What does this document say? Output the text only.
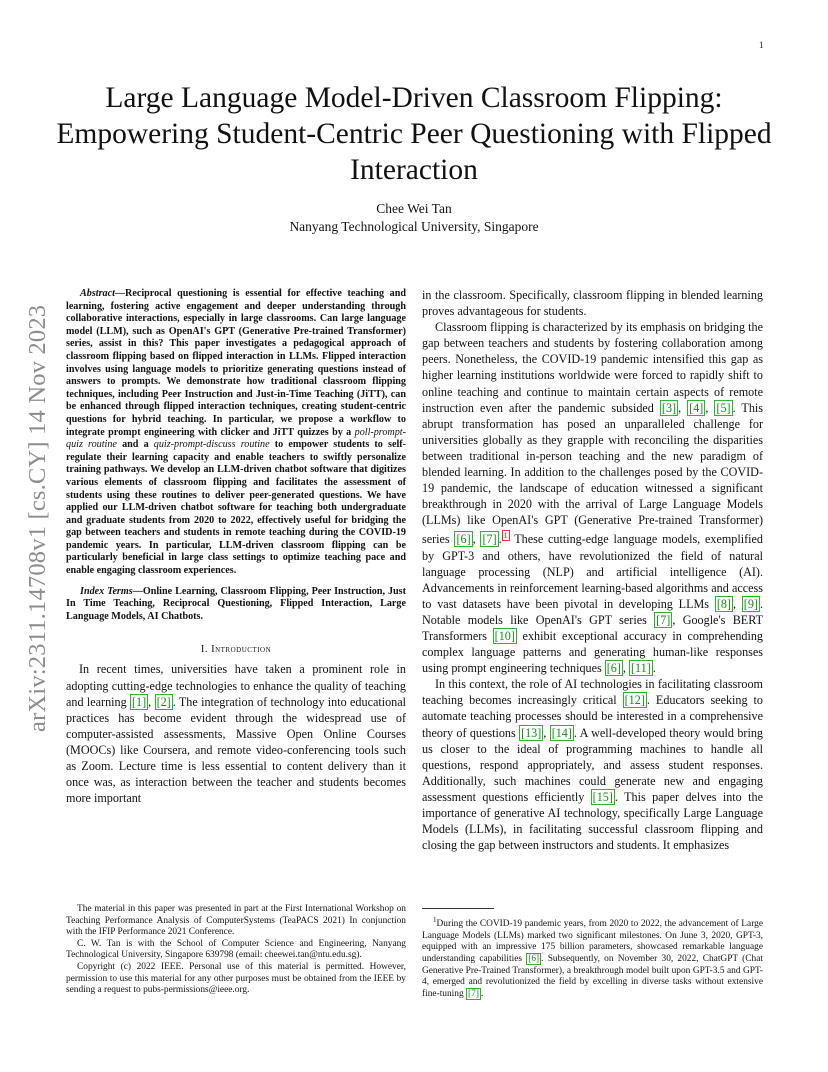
1
arXiv:2311.14708v1 [cs.CY] 14 Nov 2023
Large Language Model-Driven Classroom Flipping: Empowering Student-Centric Peer Questioning with Flipped Interaction
Chee Wei Tan
Nanyang Technological University, Singapore

Abstract—Reciprocal questioning is essential for effective teaching and learning, fostering active engagement and deeper understanding through collaborative interactions, especially in large classrooms. Can large language model (LLM), such as OpenAI's GPT (Generative Pre-trained Transformer) series, assist in this? This paper investigates a pedagogical approach of classroom flipping based on flipped interaction in LLMs. Flipped interaction involves using language models to prioritize generating questions instead of answers to prompts. We demonstrate how traditional classroom flipping techniques, including Peer Instruction and Just-in-Time Teaching (JiTT), can be enhanced through flipped interaction techniques, creating student-centric questions for hybrid teaching. In particular, we propose a workflow to integrate prompt engineering with clicker and JiTT quizzes by a poll-prompt-quiz routine and a quiz-prompt-discuss routine to empower students to self-regulate their learning capacity and enable teachers to swiftly personalize training pathways. We develop an LLM-driven chatbot software that digitizes various elements of classroom flipping and facilitates the assessment of students using these routines to deliver peer-generated questions. We have applied our LLM-driven chatbot software for teaching both undergraduate and graduate students from 2020 to 2022, effectively useful for bridging the gap between teachers and students in remote teaching during the COVID-19 pandemic years. In particular, LLM-driven classroom flipping can be particularly beneficial in large class settings to optimize teaching pace and enable engaging classroom experiences.

Index Terms—Online Learning, Classroom Flipping, Peer Instruction, Just In Time Teaching, Reciprocal Questioning, Flipped Interaction, Large Language Models, AI Chatbots.

I. Introduction

In recent times, universities have taken a prominent role in adopting cutting-edge technologies to enhance the quality of teaching and learning [1] , [2] . The integration of technology into educational practices has become evident through the widespread use of computer-assisted assessments, Massive Open Online Courses (MOOCs) like Coursera, and remote video-conferencing tools such as Zoom. Lecture time is less essential to content delivery than it once was, as interaction between the teacher and students becomes more important

in the classroom. Specifically, classroom flipping in blended learning proves advantageous for students.

Classroom flipping is characterized by its emphasis on bridging the gap between teachers and students by fostering collaboration among peers. Nonetheless, the COVID-19 pandemic intensified this gap as higher learning institutions worldwide were forced to rapidly shift to online teaching and continue to maintain certain aspects of remote instruction even after the pandemic subsided [3] , [4] , [5] . This abrupt transformation has posed an unparalleled challenge for universities globally as they grapple with reconciling the disparities between traditional in-person teaching and the new paradigm of blended learning. In addition to the challenges posed by the COVID-19 pandemic, the landscape of education witnessed a significant breakthrough in 2020 with the arrival of Large Language Models (LLMs) like OpenAI's GPT (Generative Pre-trained Transformer) series [6] , [7] . $^1$ These cutting-edge language models, exemplified by GPT-3 and others, have revolutionized the field of natural language processing (NLP) and artificial intelligence (AI). Advancements in reinforcement learning-based algorithms and access to vast datasets have been pivotal in developing LLMs [8] , [9] . Notable models like OpenAI's GPT series [7] , Google's BERT Transformers [10] exhibit exceptional accuracy in comprehending complex language patterns and generating human-like responses using prompt engineering techniques [6] , [11] .

In this context, the role of AI technologies in facilitating classroom teaching becomes increasingly critical [12] . Educators seeking to automate teaching processes should be interested in a comprehensive theory of questions [13] , [14] . A well-developed theory would bring us closer to the ideal of programming machines to handle all questions, respond appropriately, and assess student responses. Additionally, such machines could generate new and engaging assessment questions efficiently [15] . This paper delves into the importance of generative AI technology, specifically Large Language Models (LLMs), in facilitating successful classroom flipping and closing the gap between instructors and students. It emphasizes

The material in this paper was presented in part at the First International Workshop on Teaching Performance Analysis of ComputerSystems (TeaPACS 2021) In conjunction with the IFIP Performance 2021 Conference.

C. W. Tan is with the School of Computer Science and Engineering, Nanyang Technological University, Singapore 639798 (email: cheewei.tan@ntu.edu.sg).

Copyright (c) 2022 IEEE. Personal use of this material is permitted. However, permission to use this material for any other purposes must be obtained from the IEEE by sending a request to pubs-permissions@ieee.org.

$^1$During the COVID-19 pandemic years, from 2020 to 2022, the advancement of Large Language Models (LLMs) marked two significant milestones. On June 3, 2020, GPT-3, equipped with an impressive 175 billion parameters, showcased remarkable language understanding capabilities [6] . Subsequently, on November 30, 2022, ChatGPT (Chat Generative Pre-Trained Transformer), a breakthrough model built upon GPT-3.5 and GPT-4, emerged and revolutionized the field by excelling in diverse tasks without extensive fine-tuning [7] .
